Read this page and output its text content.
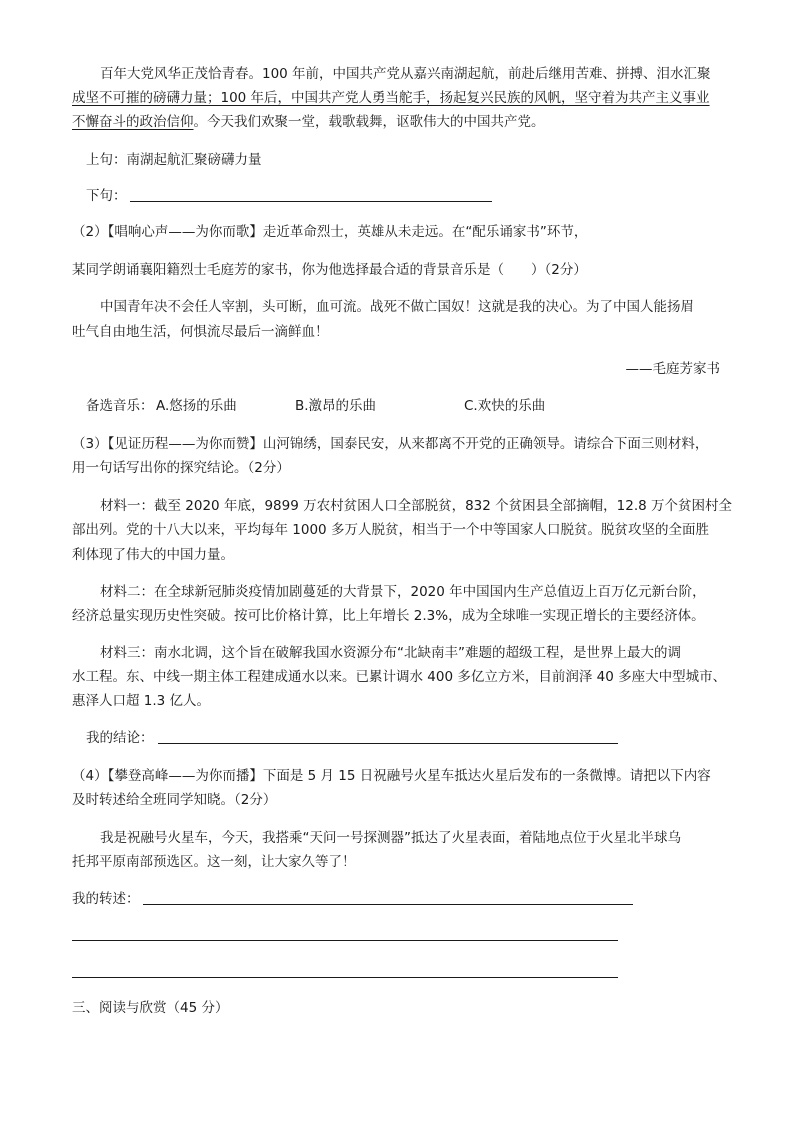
百年大党风华正茂恰青春。100 年前，中国共产党从嘉兴南湖起航，前赴后继用苦难、拼搏、泪水汇聚
成坚不可摧的磅礴力量；100 年后，中国共产党人勇当舵手，扬起复兴民族的风帆，坚守着为共产主义事业
不懈奋斗的政治信仰。今天我们欢聚一堂，载歌载舞，讴歌伟大的中国共产党。
上句：南湖起航汇聚磅礴力量
下句：
（2）【唱响心声——为你而歌】走近革命烈士，英雄从未走远。在“配乐诵家书”环节，
某同学朗诵襄阳籍烈士毛庭芳的家书，你为他选择最合适的背景音乐是（　　）（2分）
中国青年决不会任人宰割，头可断，血可流。战死不做亡国奴！这就是我的决心。为了中国人能扬眉
吐气自由地生活，何惧流尽最后一滴鲜血！
——毛庭芳家书
备选音乐： A.悠扬的乐曲	B.激昂的乐曲	C.欢快的乐曲
（3）【见证历程——为你而赞】山河锦绣，国泰民安，从来都离不开党的正确领导。请综合下面三则材料，
用一句话写出你的探究结论。（2分）
材料一：截至 2020 年底，9899 万农村贫困人口全部脱贫，832 个贫困县全部摘帽，12.8 万个贫困村全
部出列。党的十八大以来，平均每年 1000 多万人脱贫，相当于一个中等国家人口脱贫。脱贫攻坚的全面胜
利体现了伟大的中国力量。
材料二：在全球新冠肺炎疫情加剧蔓延的大背景下，2020 年中国国内生产总值迈上百万亿元新台阶，
经济总量实现历史性突破。按可比价格计算，比上年增长 2.3%，成为全球唯一实现正增长的主要经济体。
材料三：南水北调，这个旨在破解我国水资源分布“北缺南丰”难题的超级工程，是世界上最大的调
水工程。东、中线一期主体工程建成通水以来。已累计调水 400 多亿立方米，目前润泽 40 多座大中型城市、
惠泽人口超 1.3 亿人。
我的结论：
（4）【攀登高峰——为你而播】下面是 5 月 15 日祝融号火星车抵达火星后发布的一条微博。请把以下内容
及时转述给全班同学知晓。（2分）
我是祝融号火星车，今天，我搭乘“天问一号探测器”抵达了火星表面，着陆地点位于火星北半球乌
托邦平原南部预选区。这一刻，让大家久等了！
我的转述：
三、阅读与欣赏（45 分）
